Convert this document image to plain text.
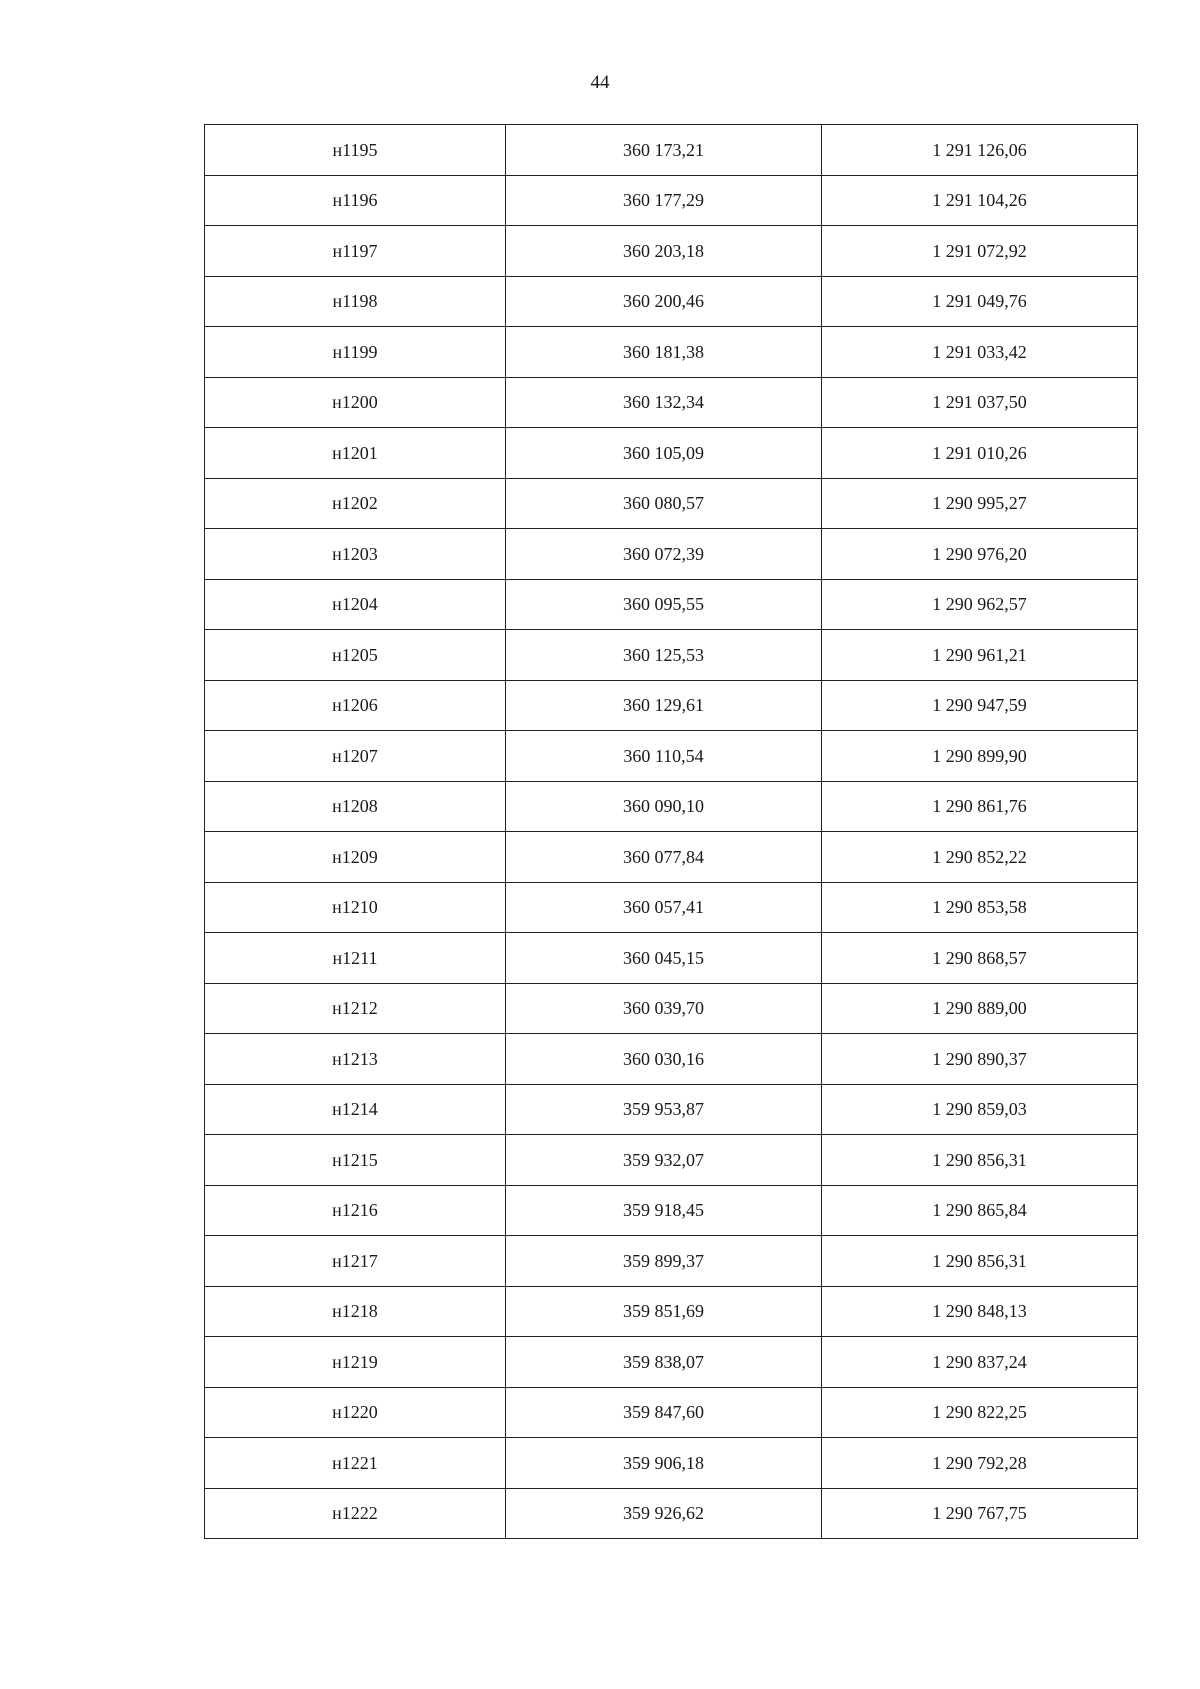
44
н1195	360 173,21	1 291 126,06
н1196	360 177,29	1 291 104,26
н1197	360 203,18	1 291 072,92
н1198	360 200,46	1 291 049,76
н1199	360 181,38	1 291 033,42
н1200	360 132,34	1 291 037,50
н1201	360 105,09	1 291 010,26
н1202	360 080,57	1 290 995,27
н1203	360 072,39	1 290 976,20
н1204	360 095,55	1 290 962,57
н1205	360 125,53	1 290 961,21
н1206	360 129,61	1 290 947,59
н1207	360 110,54	1 290 899,90
н1208	360 090,10	1 290 861,76
н1209	360 077,84	1 290 852,22
н1210	360 057,41	1 290 853,58
н1211	360 045,15	1 290 868,57
н1212	360 039,70	1 290 889,00
н1213	360 030,16	1 290 890,37
н1214	359 953,87	1 290 859,03
н1215	359 932,07	1 290 856,31
н1216	359 918,45	1 290 865,84
н1217	359 899,37	1 290 856,31
н1218	359 851,69	1 290 848,13
н1219	359 838,07	1 290 837,24
н1220	359 847,60	1 290 822,25
н1221	359 906,18	1 290 792,28
н1222	359 926,62	1 290 767,75
